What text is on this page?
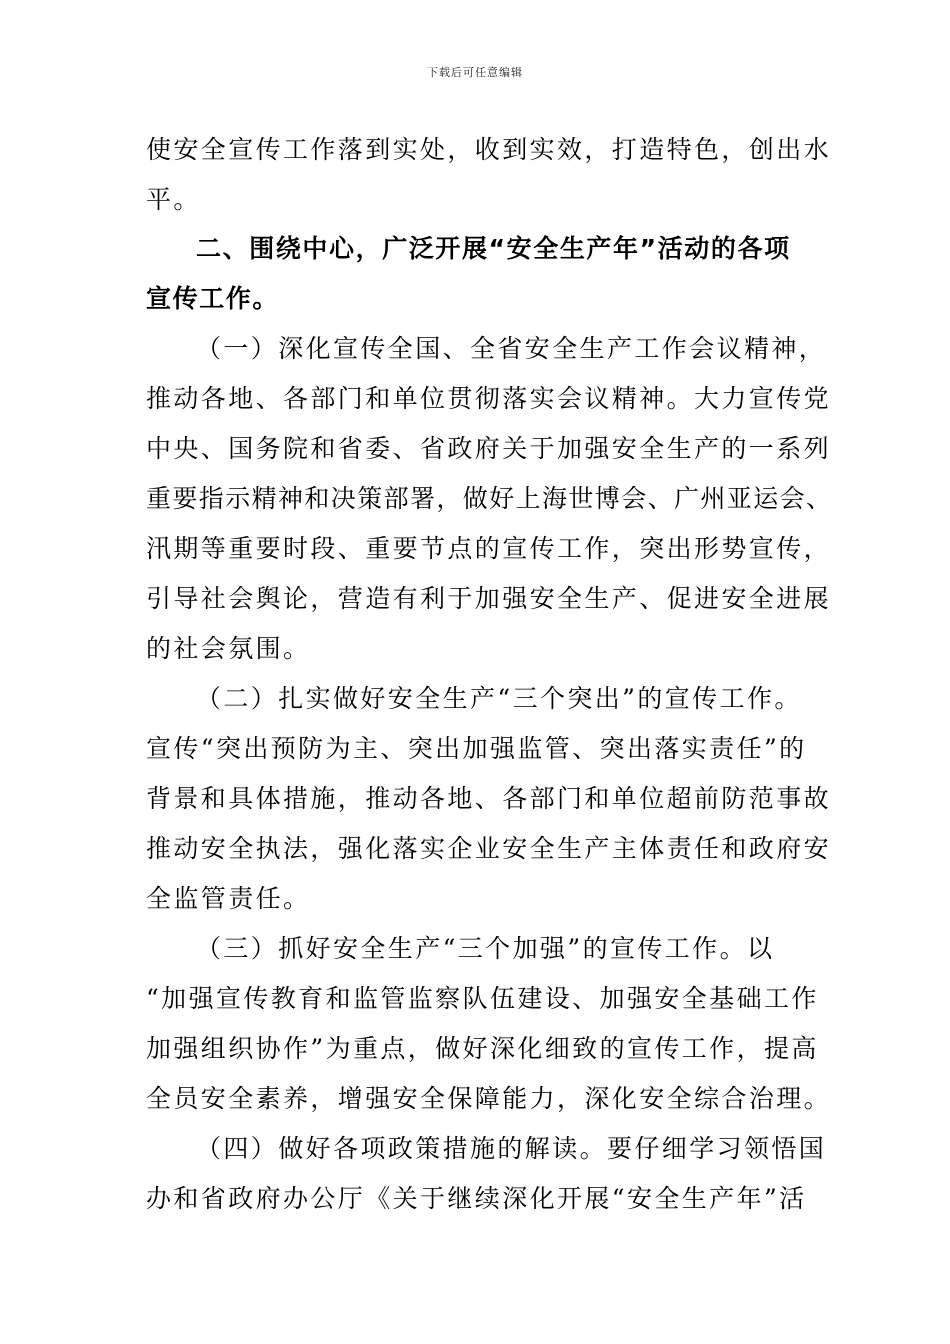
下载后可任意编辑
使安全宣传工作落到实处，收到实效，打造特色，创出水
平。
二、围绕中心，广泛开展“安全生产年”活动的各项
宣传工作。
（一）深化宣传全国、全省安全生产工作会议精神，
推动各地、各部门和单位贯彻落实会议精神。大力宣传党
中央、国务院和省委、省政府关于加强安全生产的一系列
重要指示精神和决策部署，做好上海世博会、广州亚运会、
汛期等重要时段、重要节点的宣传工作，突出形势宣传，
引导社会舆论，营造有利于加强安全生产、促进安全进展
的社会氛围。
（二）扎实做好安全生产“三个突出”的宣传工作。
宣传“突出预防为主、突出加强监管、突出落实责任”的
背景和具体措施，推动各地、各部门和单位超前防范事故
推动安全执法，强化落实企业安全生产主体责任和政府安
全监管责任。
（三）抓好安全生产“三个加强”的宣传工作。以
“加强宣传教育和监管监察队伍建设、加强安全基础工作
加强组织协作”为重点，做好深化细致的宣传工作，提高
全员安全素养，增强安全保障能力，深化安全综合治理。
（四）做好各项政策措施的解读。要仔细学习领悟国
办和省政府办公厅《关于继续深化开展“安全生产年”活
